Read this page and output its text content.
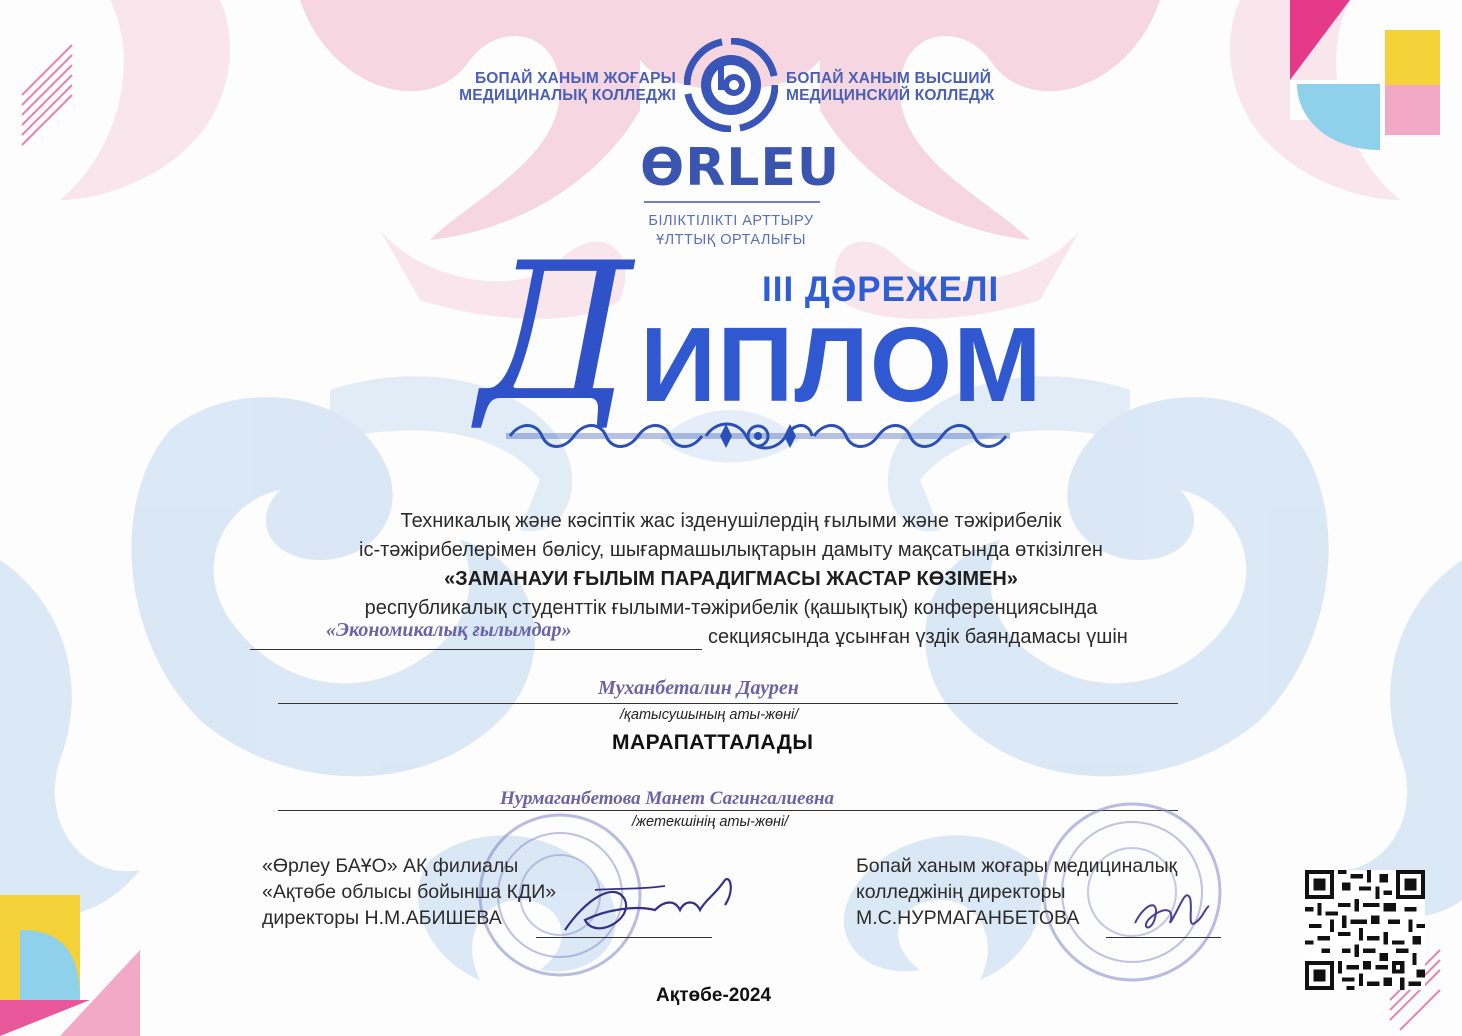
БОПАЙ ХАНЫМ ЖОҒАРЫ
МЕДИЦИНАЛЫҚ КОЛЛЕДЖІ
БОПАЙ ХАНЫМ ВЫСШИЙ
МЕДИЦИНСКИЙ КОЛЛЕДЖ
ӨRLEU
БІЛІКТІЛІКТІ АРТТЫРУ
ҰЛТТЫҚ ОРТАЛЫҒЫ
ІІІ ДӘРЕЖЕЛІ
Д ИПЛОМ
Техникалық және кәсіптік жас ізденушілердің ғылыми және тәжірибелік
іс-тәжірибелерімен бөлісу, шығармашылықтарын дамыту мақсатында өткізілген
«ЗАМАНАУИ ҒЫЛЫМ ПАРАДИГМАСЫ ЖАСТАР КӨЗІМЕН»
республикалық студенттік ғылыми-тәжірибелік (қашықтық) конференциясында
«Экономикалық ғылымдар»	секциясында ұсынған үздік баяндамасы үшін
Муханбеталин Даурен
/қатысушының аты-жөні/
МАРАПАТТАЛАДЫ
Нурмаганбетова Манет Сагингалиевна
/жетекшінің аты-жөні/
«Өрлеу БАҰО» АҚ филиалы
«Ақтөбе облысы бойынша КДИ»
директоры Н.М.АБИШЕВА
Бопай ханым жоғары медициналық
колледжінің директоры
М.С.НУРМАГАНБЕТОВА
Ақтөбе-2024
